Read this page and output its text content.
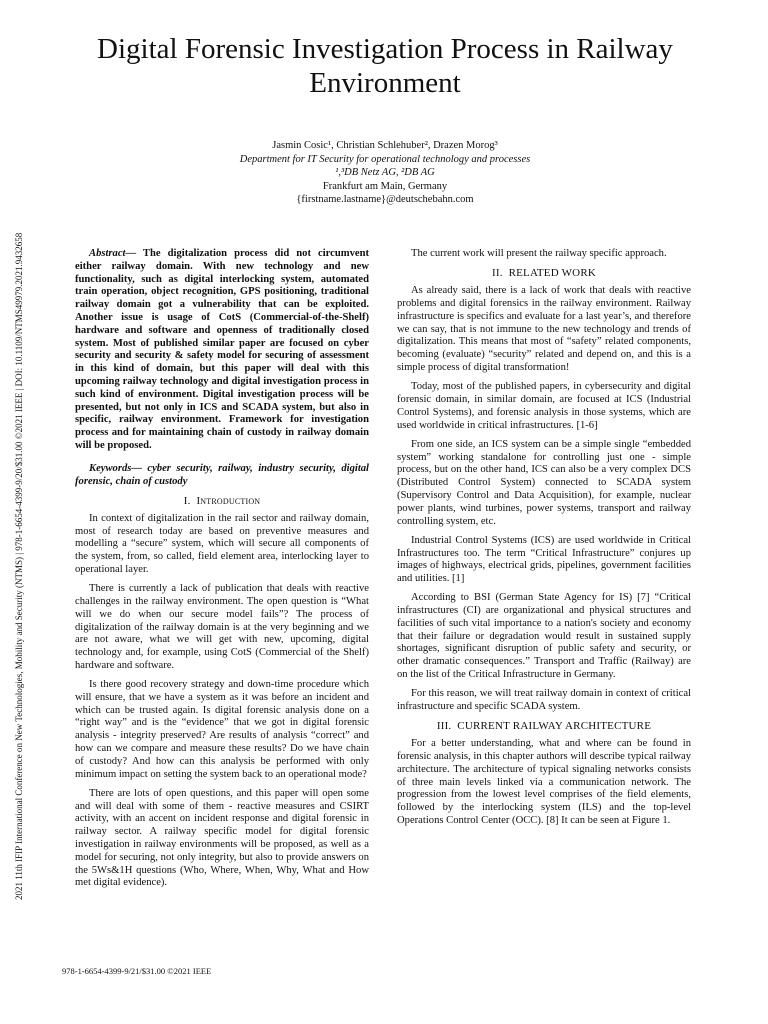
Digital Forensic Investigation Process in Railway Environment
Jasmin Cosic¹, Christian Schlehuber², Drazen Morog³
Department for IT Security for operational technology and processes
¹,³DB Netz AG, ²DB AG
Frankfurt am Main, Germany
{firstname.lastname}@deutschebahn.com
2021 11th IFIP International Conference on New Technologies, Mobility and Security (NTMS) | 978-1-6654-4399-9/20/$31.00 ©2021 IEEE | DOI: 10.1109/NTMS49979.2021.9432658	Abstract— The digitalization process did not circumvent either railway domain. With new technology and new functionality, such as digital interlocking system, automated train operation, object recognition, GPS positioning, traditional railway domain got a vulnerability that can be exploited. Another issue is usage of CotS (Commercial-of-the-Shelf) hardware and software and openness of traditionally closed system. Most of published similar paper are focused on cyber security and security & safety model for securing of assessment in this kind of domain, but this paper will deal with this upcoming railway technology and digital investigation process in such kind of environment. Digital investigation process will be presented, but not only in ICS and SCADA system, but also in specific, railway environment. Framework for investigation process and for maintaining chain of custody in railway domain will be proposed.

Keywords— cyber security, railway, industry security, digital forensic, chain of custody

I. Introduction

In context of digitalization in the rail sector and railway domain, most of research today are based on preventive measures and modelling a “secure” system, which will secure all components of the system, from, so called, field element area, interlocking layer to operational layer.

There is currently a lack of publication that deals with reactive challenges in the railway environment. The open question is “What will we do when our secure model fails”? The process of digitalization of the railway domain is at the very beginning and we are not aware, what we will get with new, upcoming, digital technology and, for example, using CotS (Commercial of the Shelf) hardware and software.

Is there good recovery strategy and down-time procedure which will ensure, that we have a system as it was before an incident and which can be trusted again. Is digital forensic analysis done on a “right way” and is the “evidence” that we got in digital forensic analysis - integrity preserved? Are results of analysis “correct” and how can we compare and measure these results? Do we have chain of custody? And how can this analysis be performed with only minimum impact on setting the system back to an operational mode?

There are lots of open questions, and this paper will open some and will deal with some of them - reactive measures and CSIRT activity, with an accent on incident response and digital forensic in railway sector. A railway specific model for digital forensic investigation in railway environments will be proposed, as well as a model for securing, not only integrity, but also to provide answers on the 5Ws&1H questions (Who, Where, When, Why, What and How met digital evidence).

The current work will present the railway specific approach.

II. RELATED WORK

As already said, there is a lack of work that deals with reactive problems and digital forensics in the railway environment. Railway infrastructure is specifics and evaluate for a last year’s, and therefore we can say, that is not immune to the new technology and trends of digitalization. This means that most of “safety” related components, becoming (evaluate) “security” related and depend on, and this is a simple process of digital transformation!

Today, most of the published papers, in cybersecurity and digital forensic domain, in similar domain, are focused at ICS (Industrial Control Systems), and forensic analysis in those systems, which are used worldwide in critical infrastructures. [1-6]

From one side, an ICS system can be a simple single “embedded system” working standalone for controlling just one - simple process, but on the other hand, ICS can also be a very complex DCS (Distributed Control System) connected to SCADA system (Supervisory Control and Data Acquisition), for example, nuclear power plants, wind turbines, power systems, transport and railway controlling system, etc.

Industrial Control Systems (ICS) are used worldwide in Critical Infrastructures too. The term “Critical Infrastructure” conjures up images of highways, electrical grids, pipelines, government facilities and utilities. [1]

According to BSI (German State Agency for IS) [7] “Critical infrastructures (CI) are organizational and physical structures and facilities of such vital importance to a nation's society and economy that their failure or degradation would result in sustained supply shortages, significant disruption of public safety and security, or other dramatic consequences.” Transport and Traffic (Railway) are on the list of the Critical Infrastructure in Germany.

For this reason, we will treat railway domain in context of critical infrastructure and specific SCADA system.

III. CURRENT RAILWAY ARCHITECTURE

For a better understanding, what and where can be found in forensic analysis, in this chapter authors will describe typical railway architecture. The architecture of typical signaling networks consists of three main levels linked via a communication network. The progression from the lowest level comprises of the field elements, followed by the interlocking system (ILS) and the top-level Operations Control Center (OCC). [8] It can be seen at Figure 1.

978-1-6654-4399-9/21/$31.00 ©2021 IEEE
